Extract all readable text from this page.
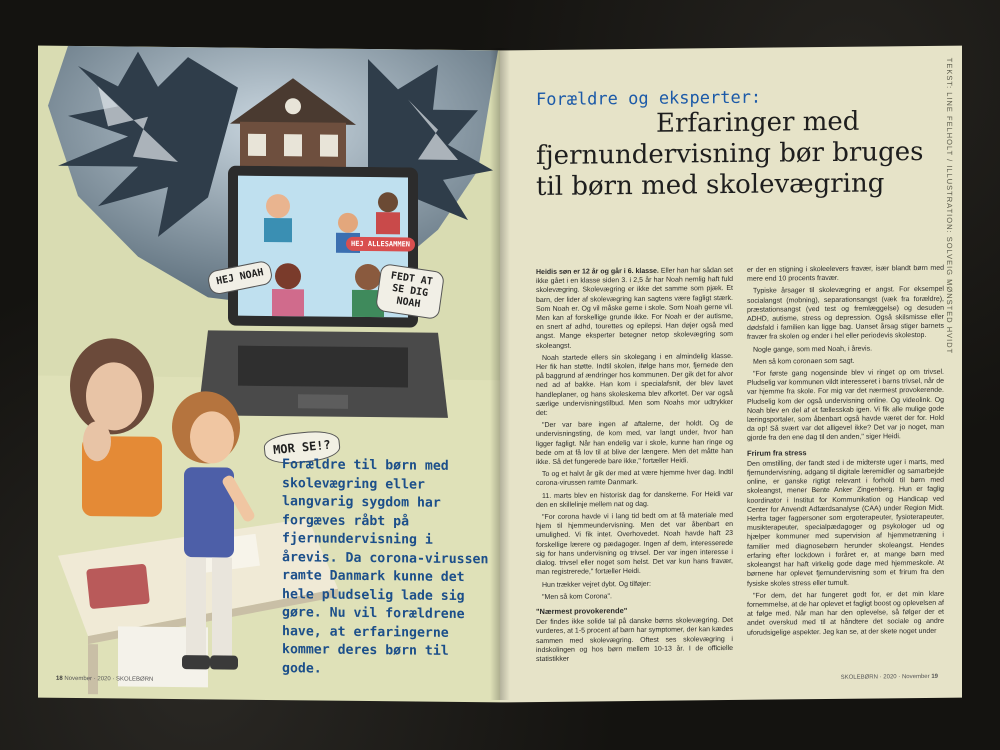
HEJ NOAH	FEDT AT SE DIG NOAH
HEJ ALLESAMMEN
MOR SE!?
Forældre til børn med skolevægring eller langvarig sygdom har forgæves råbt på fjernundervisning i årevis. Da corona-virussen ramte Danmark kunne det hele pludselig lade sig gøre. Nu vil forældrene have, at erfaringerne kommer deres børn til gode.
18 November · 2020 · SKOLEBØRN
TEKST: LINE FELHOLT / ILLUSTRATION: SOLVEIG MØNSTED HVIDT
Forældre og eksperter:
Erfaringer med
fjernundervisning bør bruges til børn med skolevægring

Heidis søn er 12 år og går i 6. klasse. Eller han har sådan set ikke gået i en klasse siden 3. i 2,5 år har Noah nemlig haft fuld skolevægring. Skolevægring er ikke det samme som pjæk. Et barn, der lider af skolevægring kan sagtens være fagligt stærk. Som Noah er. Og vil måske gerne i skole. Som Noah gerne vil. Men kan af forskellige grunde ikke. For Noah er der autisme, en snert af adhd, tourettes og epilepsi. Han døjer også med angst. Mange eksperter betegner netop skolevægring som skoleangst.

Noah startede ellers sin skolegang i en almindelig klasse. Her fik han støtte. Indtil skolen, ifølge hans mor, fjernede den på baggrund af ændringer hos kommunen. Der gik det for alvor ned ad af bakke. Han kom i specialafsnit, der blev lavet handleplaner, og hans skoleskema blev afkortet. Der var også særlige undervisningstilbud. Men som Noahs mor udtrykker det:

"Der var bare ingen af aftalerne, der holdt. Og de undervisningsting, de kom med, var langt under, hvor han ligger fagligt. Når han endelig var i skole, kunne han ringe og bede om at få lov til at blive der længere. Men det måtte han ikke. Så det fungerede bare ikke," fortæller Heidi.

To og et halvt år gik der med at være hjemme hver dag. Indtil corona-virussen ramte Danmark.

11. marts blev en historisk dag for danskerne. For Heidi var den en skillelinje mellem nat og dag.

"For corona havde vi i lang tid bedt om at få materiale med hjem til hjemmeundervisning. Men det var åbenbart en umulighed. Vi fik intet. Overhovedet. Noah havde haft 23 forskellige lærere og pædagoger. Ingen af dem, interesserede sig for hans undervisning og trivsel. Der var ingen interesse i dialog. trivsel eller noget som helst. Det var kun hans fravær, man registrerede," fortæller Heidi.

Hun trækker vejret dybt. Og tilføjer:

"Men så kom Corona".

"Nærmest provokerende"

Der findes ikke solide tal på danske børns skolevægring. Det vurderes, at 1-5 procent af børn har symptomer, der kan kædes sammen med skolevægring. Oftest ses skolevægring i indskolingen og hos børn mellem 10-13 år. I de officielle statistikker

er der en stigning i skoleelevers fravær, især blandt børn med mere end 10 procents fravær.

Typiske årsager til skolevægring er angst. For eksempel socialangst (mobning), separationsangst (væk fra forældre), præstationsangst (ved test og fremlæggelse) og desuden ADHD, autisme, stress og depression. Også skilsmisse eller dødsfald i familien kan ligge bag. Uanset årsag stiger barnets fravær fra skolen og ender i hel eller periodevis skolestop.

Nogle gange, som med Noah, i årevis.

Men så kom coronaen som sagt.

"For første gang nogensinde blev vi ringet op om trivsel. Pludselig var kommunen vildt interesseret i barns trivsel, når de var hjemme fra skole. For mig var det nærmest provokerende. Pludselig kom der også undervisning online. Og videolink. Og Noah blev en del af et fællesskab igen. Vi fik alle mulige gode læringsportaler, som åbenbart også havde været der for. Hold da op! Så svært var det alligevel ikke? Det var jo noget, man gjorde fra den ene dag til den anden," siger Heidi.

Frirum fra stress

Den omstilling, der fandt sted i de midterste uger i marts, med fjernundervisning, adgang til digitale læremidler og samarbejde online, er ganske rigtigt relevant i forhold til børn med skoleangst, mener Bente Anker Zingenberg. Hun er faglig koordinator i Institut for Kommunikation og Handicap ved Center for Anvendt Adfærdsanalyse (CAA) under Region Midt. Herfra tager fagpersoner som ergoterapeuter, fysioterapeuter, musikterapeuter, specialpædagoger og psykologer ud og hjælper kommuner med supervision af hjemmetræning i familier med diagnosebørn herunder skoleangst. Hendes erfaring efter lockdown i foråret er, at mange børn med skoleangst har haft virkelig gode dage med hjemmeskole. At børnene har oplevet fjernundervisning som et frirum fra den fysiske skoles stress eller tumult.

"For dem, det har fungeret godt for, er det min klare fornemmelse, at de har oplevet et fagligt boost og oplevelsen af at følge med. Når man har den oplevelse, så følger der et andet overskud med til at håndtere det sociale og andre uforudsigelige aspekter. Jeg kan se, at der skete noget under

SKOLEBØRN · 2020 · November 19
